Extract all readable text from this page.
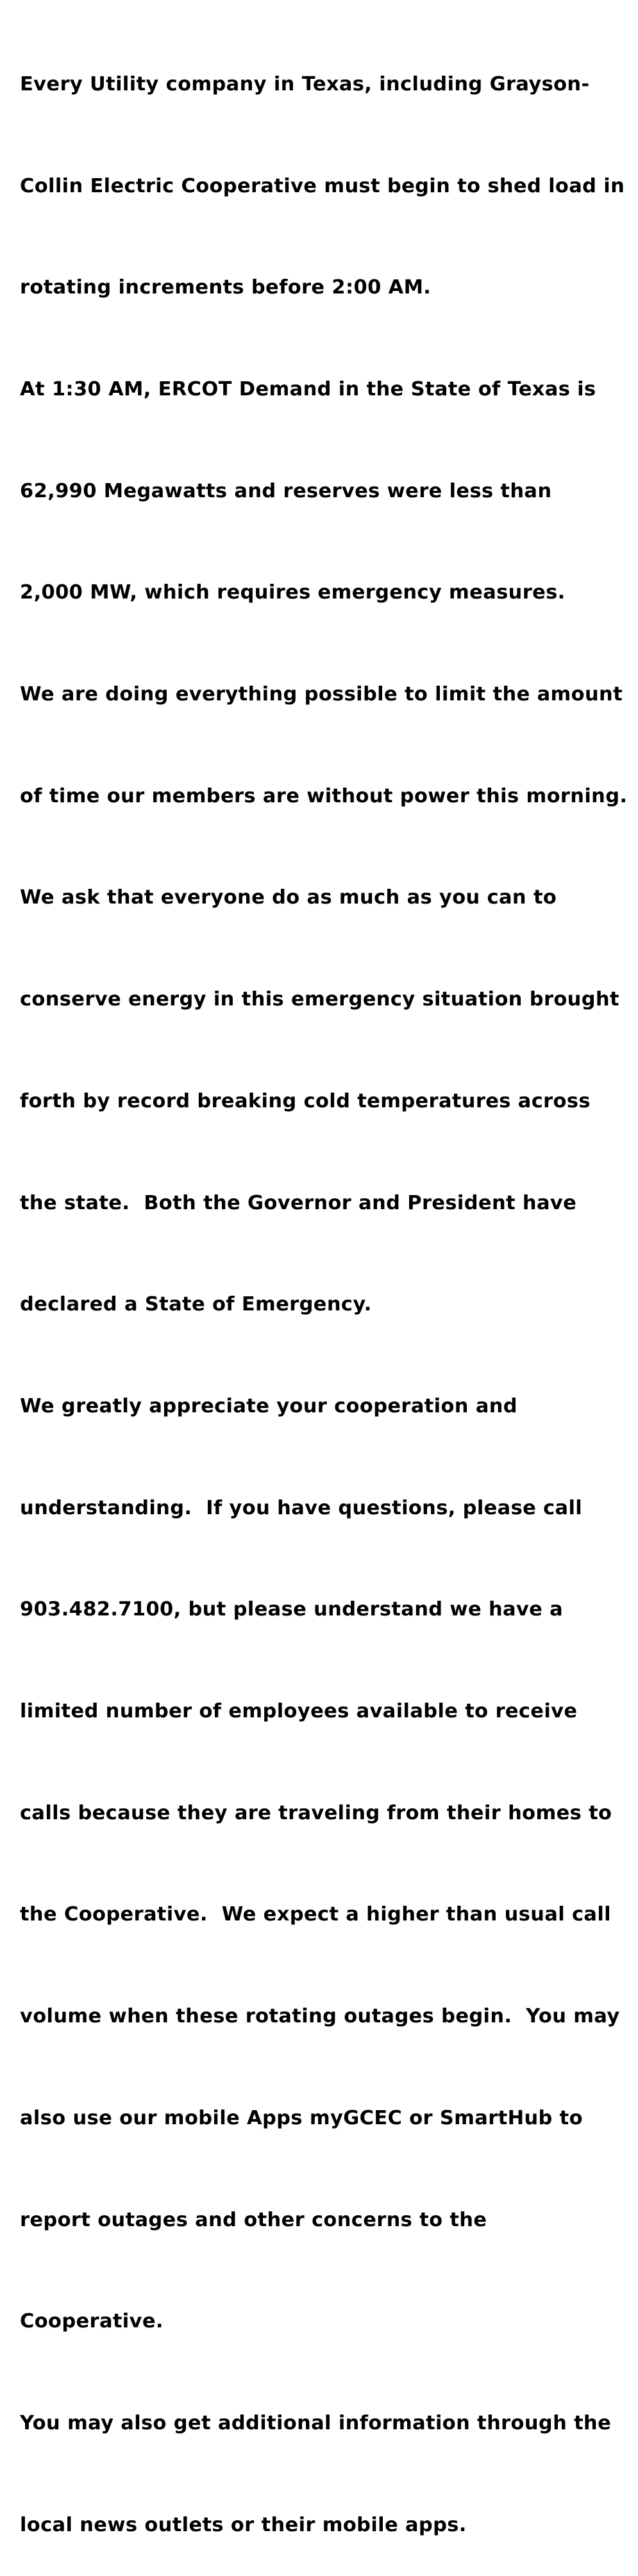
Every Utility company in Texas, including Grayson-

Collin Electric Cooperative must begin to shed load in

rotating increments before 2:00 AM.

At 1:30 AM, ERCOT Demand in the State of Texas is

62,990 Megawatts and reserves were less than

2,000 MW, which requires emergency measures.

We are doing everything possible to limit the amount

of time our members are without power this morning.

We ask that everyone do as much as you can to

conserve energy in this emergency situation brought

forth by record breaking cold temperatures across

the state.  Both the Governor and President have

declared a State of Emergency.

We greatly appreciate your cooperation and

understanding.  If you have questions, please call

903.482.7100, but please understand we have a

limited number of employees available to receive

calls because they are traveling from their homes to

the Cooperative.  We expect a higher than usual call

volume when these rotating outages begin.  You may

also use our mobile Apps myGCEC or SmartHub to

report outages and other concerns to the

Cooperative.

You may also get additional information through the

local news outlets or their mobile apps.
